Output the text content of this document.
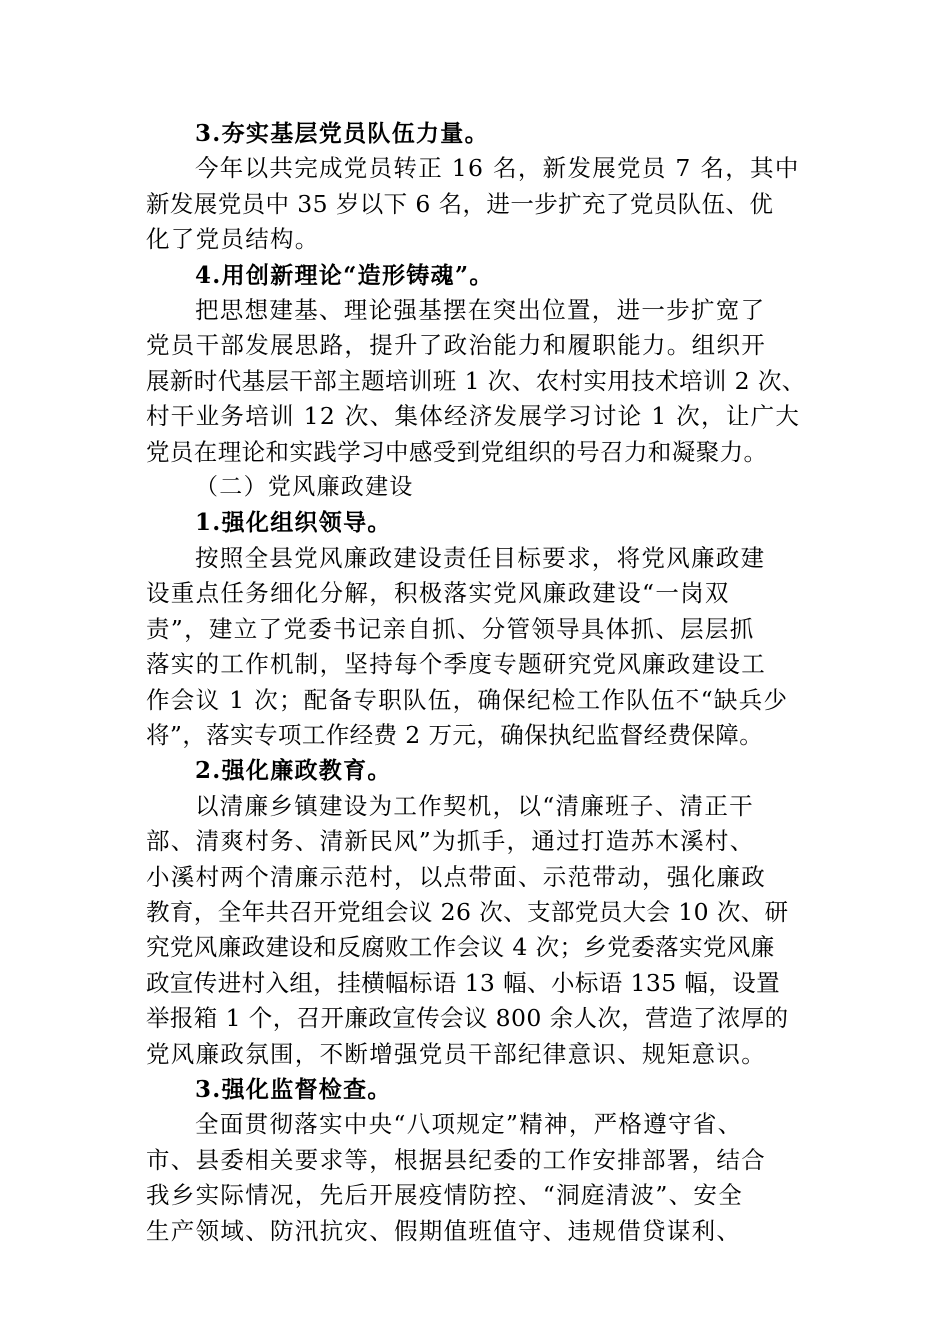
3.夯实基层党员队伍力量。

今年以共完成党员转正 16 名，新发展党员 7 名，其中

新发展党员中 35 岁以下 6 名，进一步扩充了党员队伍、优

化了党员结构。

4.用创新理论“造形铸魂”。

把思想建基、理论强基摆在突出位置，进一步扩宽了

党员干部发展思路，提升了政治能力和履职能力。组织开

展新时代基层干部主题培训班 1 次、农村实用技术培训 2 次、

村干业务培训 12 次、集体经济发展学习讨论 1 次，让广大

党员在理论和实践学习中感受到党组织的号召力和凝聚力。

（二）党风廉政建设

1.强化组织领导。

按照全县党风廉政建设责任目标要求，将党风廉政建

设重点任务细化分解，积极落实党风廉政建设“一岗双

责”，建立了党委书记亲自抓、分管领导具体抓、层层抓

落实的工作机制，坚持每个季度专题研究党风廉政建设工

作会议 1 次；配备专职队伍，确保纪检工作队伍不“缺兵少

将”，落实专项工作经费 2 万元，确保执纪监督经费保障。

2.强化廉政教育。

以清廉乡镇建设为工作契机，以“清廉班子、清正干

部、清爽村务、清新民风”为抓手，通过打造苏木溪村、

小溪村两个清廉示范村，以点带面、示范带动，强化廉政

教育，全年共召开党组会议 26 次、支部党员大会 10 次、研

究党风廉政建设和反腐败工作会议 4 次；乡党委落实党风廉

政宣传进村入组，挂横幅标语 13 幅、小标语 135 幅，设置

举报箱 1 个，召开廉政宣传会议 800 余人次，营造了浓厚的

党风廉政氛围，不断增强党员干部纪律意识、规矩意识。

3.强化监督检查。

全面贯彻落实中央“八项规定”精神，严格遵守省、

市、县委相关要求等，根据县纪委的工作安排部署，结合

我乡实际情况，先后开展疫情防控、“洞庭清波”、安全

生产领域、防汛抗灾、假期值班值守、违规借贷谋利、
